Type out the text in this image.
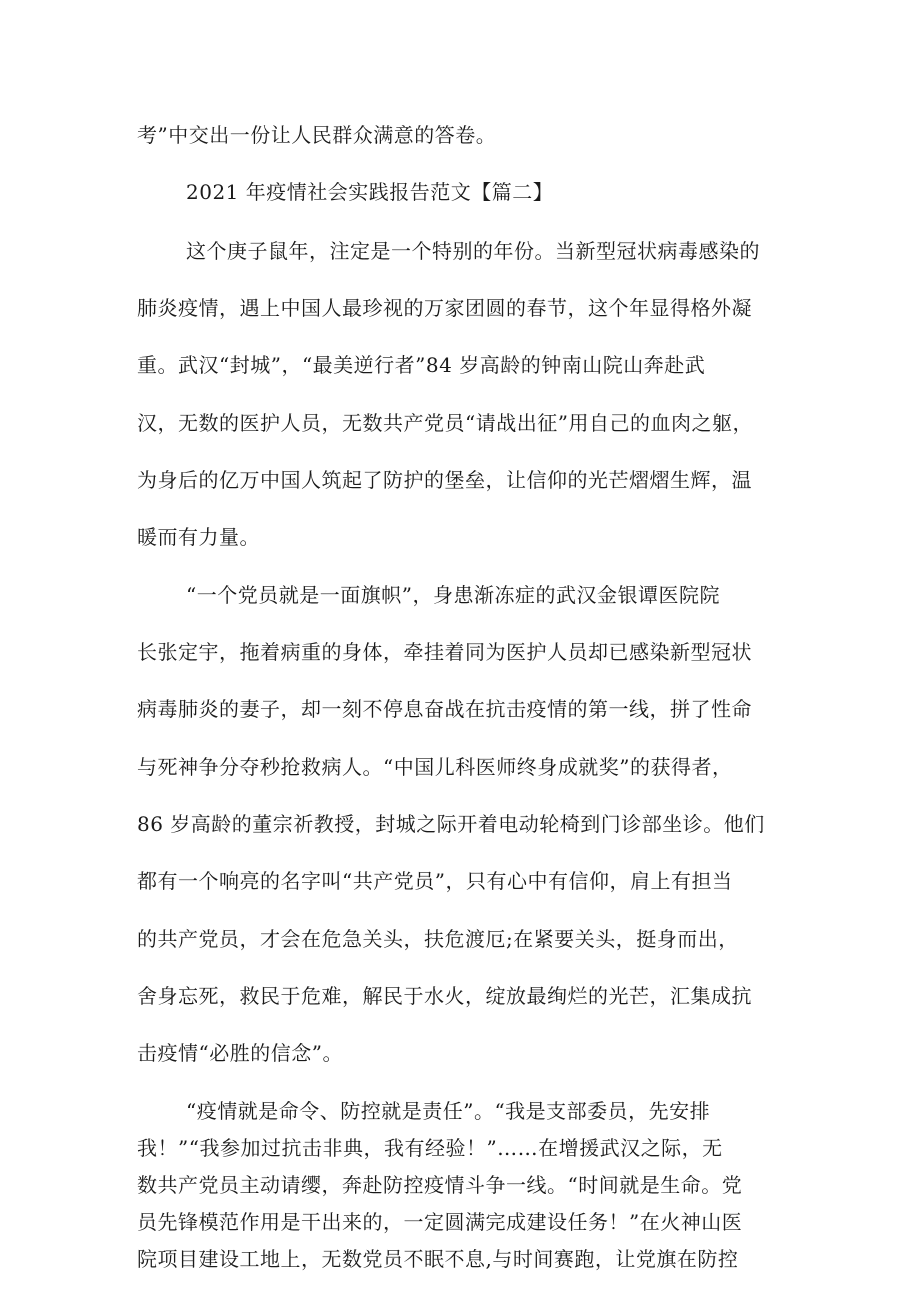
考”中交出一份让人民群众满意的答卷。
2021 年疫情社会实践报告范文【篇二】
这个庚子鼠年，注定是一个特别的年份。当新型冠状病毒感染的
肺炎疫情，遇上中国人最珍视的万家团圆的春节，这个年显得格外凝
重。武汉“封城”，“最美逆行者”84 岁高龄的钟南山院山奔赴武
汉，无数的医护人员，无数共产党员“请战出征”用自己的血肉之躯，
为身后的亿万中国人筑起了防护的堡垒，让信仰的光芒熠熠生辉，温
暖而有力量。
“一个党员就是一面旗帜”，身患渐冻症的武汉金银谭医院院
长张定宇，拖着病重的身体，牵挂着同为医护人员却已感染新型冠状
病毒肺炎的妻子，却一刻不停息奋战在抗击疫情的第一线，拼了性命
与死神争分夺秒抢救病人。“中国儿科医师终身成就奖”的获得者，
86 岁高龄的董宗祈教授，封城之际开着电动轮椅到门诊部坐诊。他们
都有一个响亮的名字叫“共产党员”，只有心中有信仰，肩上有担当
的共产党员，才会在危急关头，扶危渡厄;在紧要关头，挺身而出，
舍身忘死，救民于危难，解民于水火，绽放最绚烂的光芒，汇集成抗
击疫情“必胜的信念”。
“疫情就是命令、防控就是责任”。“我是支部委员，先安排
我！”“我参加过抗击非典，我有经验！”……在增援武汉之际，无
数共产党员主动请缨，奔赴防控疫情斗争一线。“时间就是生命。党
员先锋模范作用是干出来的，一定圆满完成建设任务！”在火神山医
院项目建设工地上，无数党员不眠不息,与时间赛跑，让党旗在防控
